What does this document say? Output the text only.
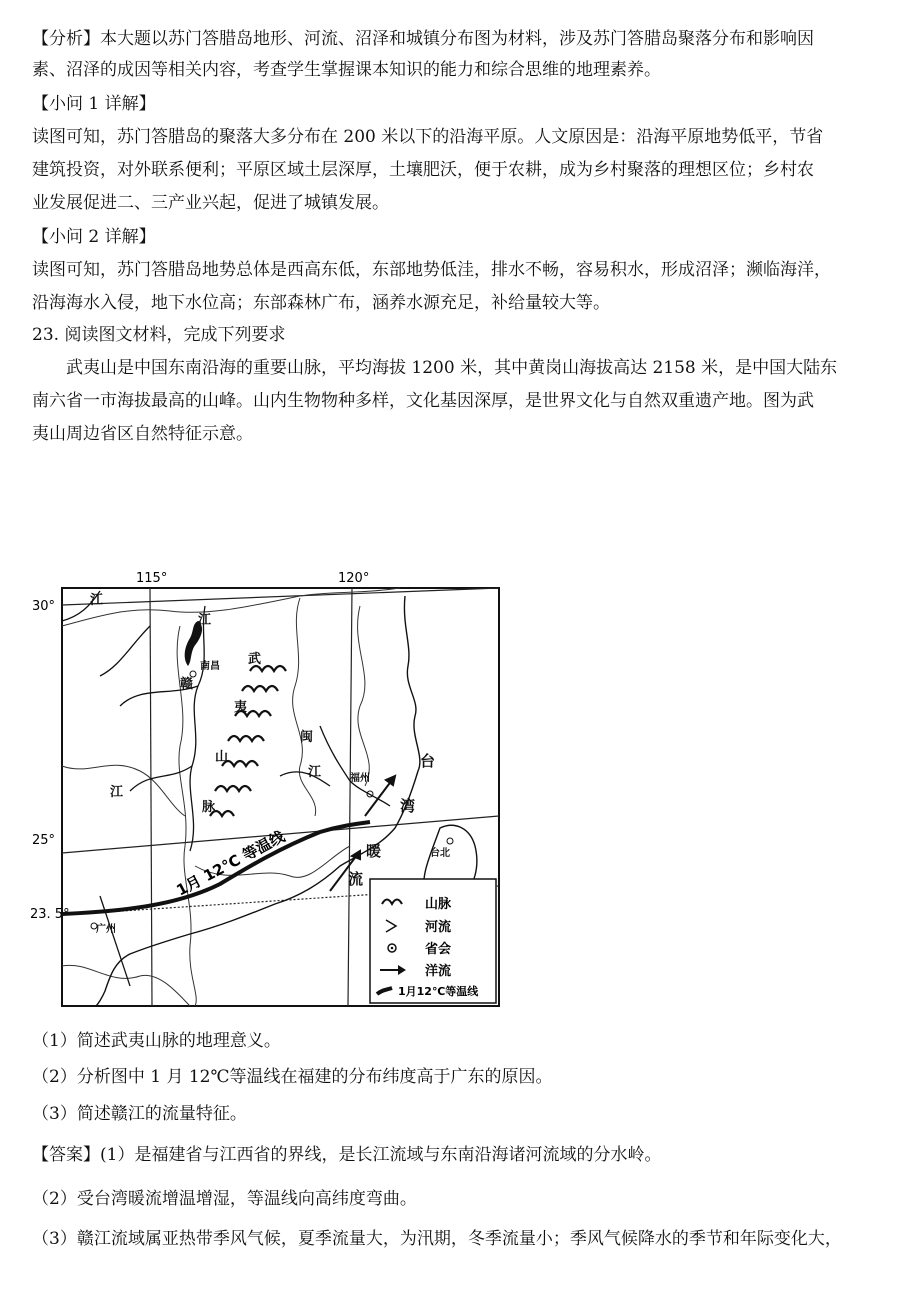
【分析】本大题以苏门答腊岛地形、河流、沼泽和城镇分布图为材料，涉及苏门答腊岛聚落分布和影响因
素、沼泽的成因等相关内容，考查学生掌握课本知识的能力和综合思维的地理素养。
【小问 1 详解】
读图可知，苏门答腊岛的聚落大多分布在 200 米以下的沿海平原。人文原因是：沿海平原地势低平，节省
建筑投资，对外联系便利；平原区域土层深厚，土壤肥沃，便于农耕，成为乡村聚落的理想区位；乡村农
业发展促进二、三产业兴起，促进了城镇发展。
【小问 2 详解】
读图可知，苏门答腊岛地势总体是西高东低，东部地势低洼，排水不畅，容易积水，形成沼泽；濒临海洋，
沿海海水入侵，地下水位高；东部森林广布，涵养水源充足，补给量较大等。
23. 阅读图文材料，完成下列要求
武夷山是中国东南沿海的重要山脉，平均海拔 1200 米，其中黄岗山海拔高达 2158 米，是中国大陆东
南六省一市海拔最高的山峰。山内生物物种多样，文化基因深厚，是世界文化与自然双重遗产地。图为武
夷山周边省区自然特征示意。
115°	120°
30°
25°
23. 5°
1月 12℃ 等温线
江
江
南昌
赣
武
夷
山
脉
闽
江
江
福州
广州
台北
台
湾
暖
流
山脉
河流
省会
洋流
1月12℃等温线
（1）简述武夷山脉的地理意义。
（2）分析图中 1 月 12℃等温线在福建的分布纬度高于广东的原因。
（3）简述赣江的流量特征。
【答案】(1）是福建省与江西省的界线，是长江流域与东南沿海诸河流域的分水岭。
（2）受台湾暖流增温增湿，等温线向高纬度弯曲。
（3）赣江流域属亚热带季风气候，夏季流量大，为汛期，冬季流量小；季风气候降水的季节和年际变化大，
